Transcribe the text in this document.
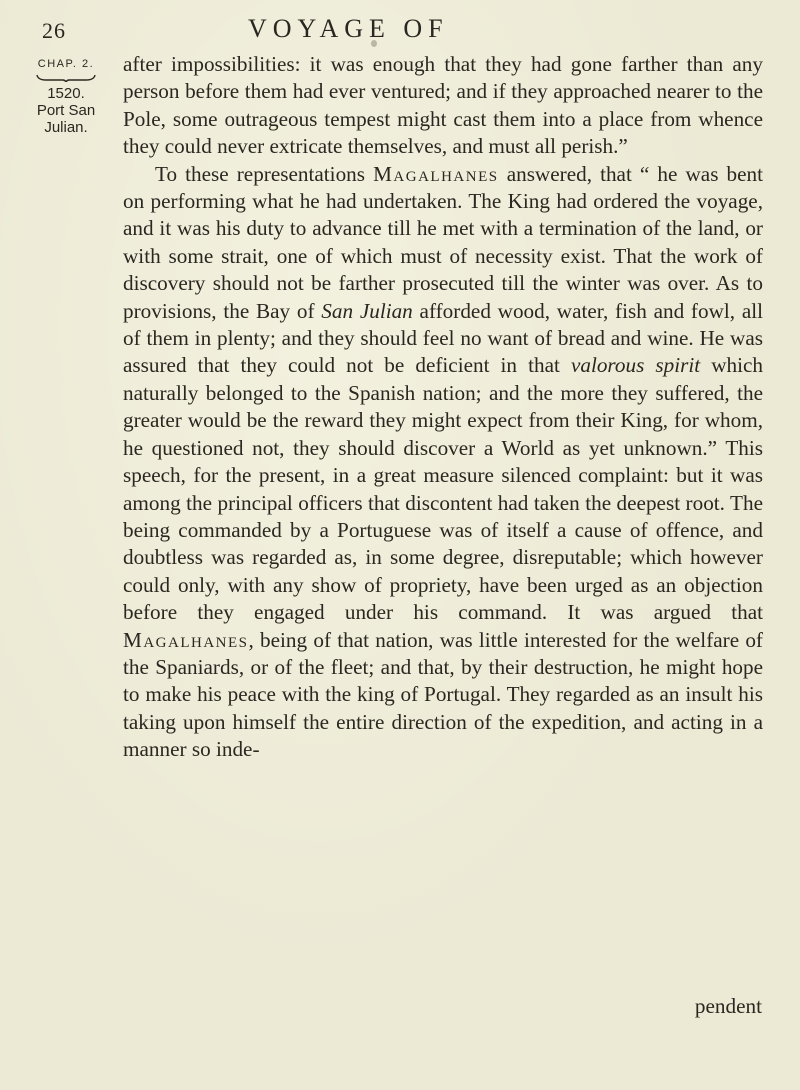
26	VOYAGE OF
CHAP. 2.
1520.
Port San
Julian.

after impossibilities: it was enough that they had gone farther than any person before them had ever ventured; and if they approached nearer to the Pole, some outrageous tempest might cast them into a place from whence they could never extricate themselves, and must all perish.”

To these representations Magalhanes answered, that “ he was bent on performing what he had undertaken. The King had ordered the voyage, and it was his duty to advance till he met with a termination of the land, or with some strait, one of which must of necessity exist. That the work of discovery should not be farther prosecuted till the winter was over. As to provisions, the Bay of San Julian afforded wood, water, fish and fowl, all of them in plenty; and they should feel no want of bread and wine. He was assured that they could not be deficient in that valorous spirit which naturally belonged to the Spanish nation; and the more they suffered, the greater would be the reward they might expect from their King, for whom, he questioned not, they should discover a World as yet unknown.” This speech, for the present, in a great measure silenced complaint: but it was among the principal officers that discontent had taken the deepest root. The being commanded by a Portuguese was of itself a cause of offence, and doubtless was regarded as, in some degree, disreputable; which however could only, with any show of propriety, have been urged as an objection before they engaged under his command. It was argued that Magalhanes, being of that nation, was little interested for the welfare of the Spaniards, or of the fleet; and that, by their destruction, he might hope to make his peace with the king of Portugal. They regarded as an insult his taking upon himself the entire direction of the expedition, and acting in a manner so inde-

pendent
